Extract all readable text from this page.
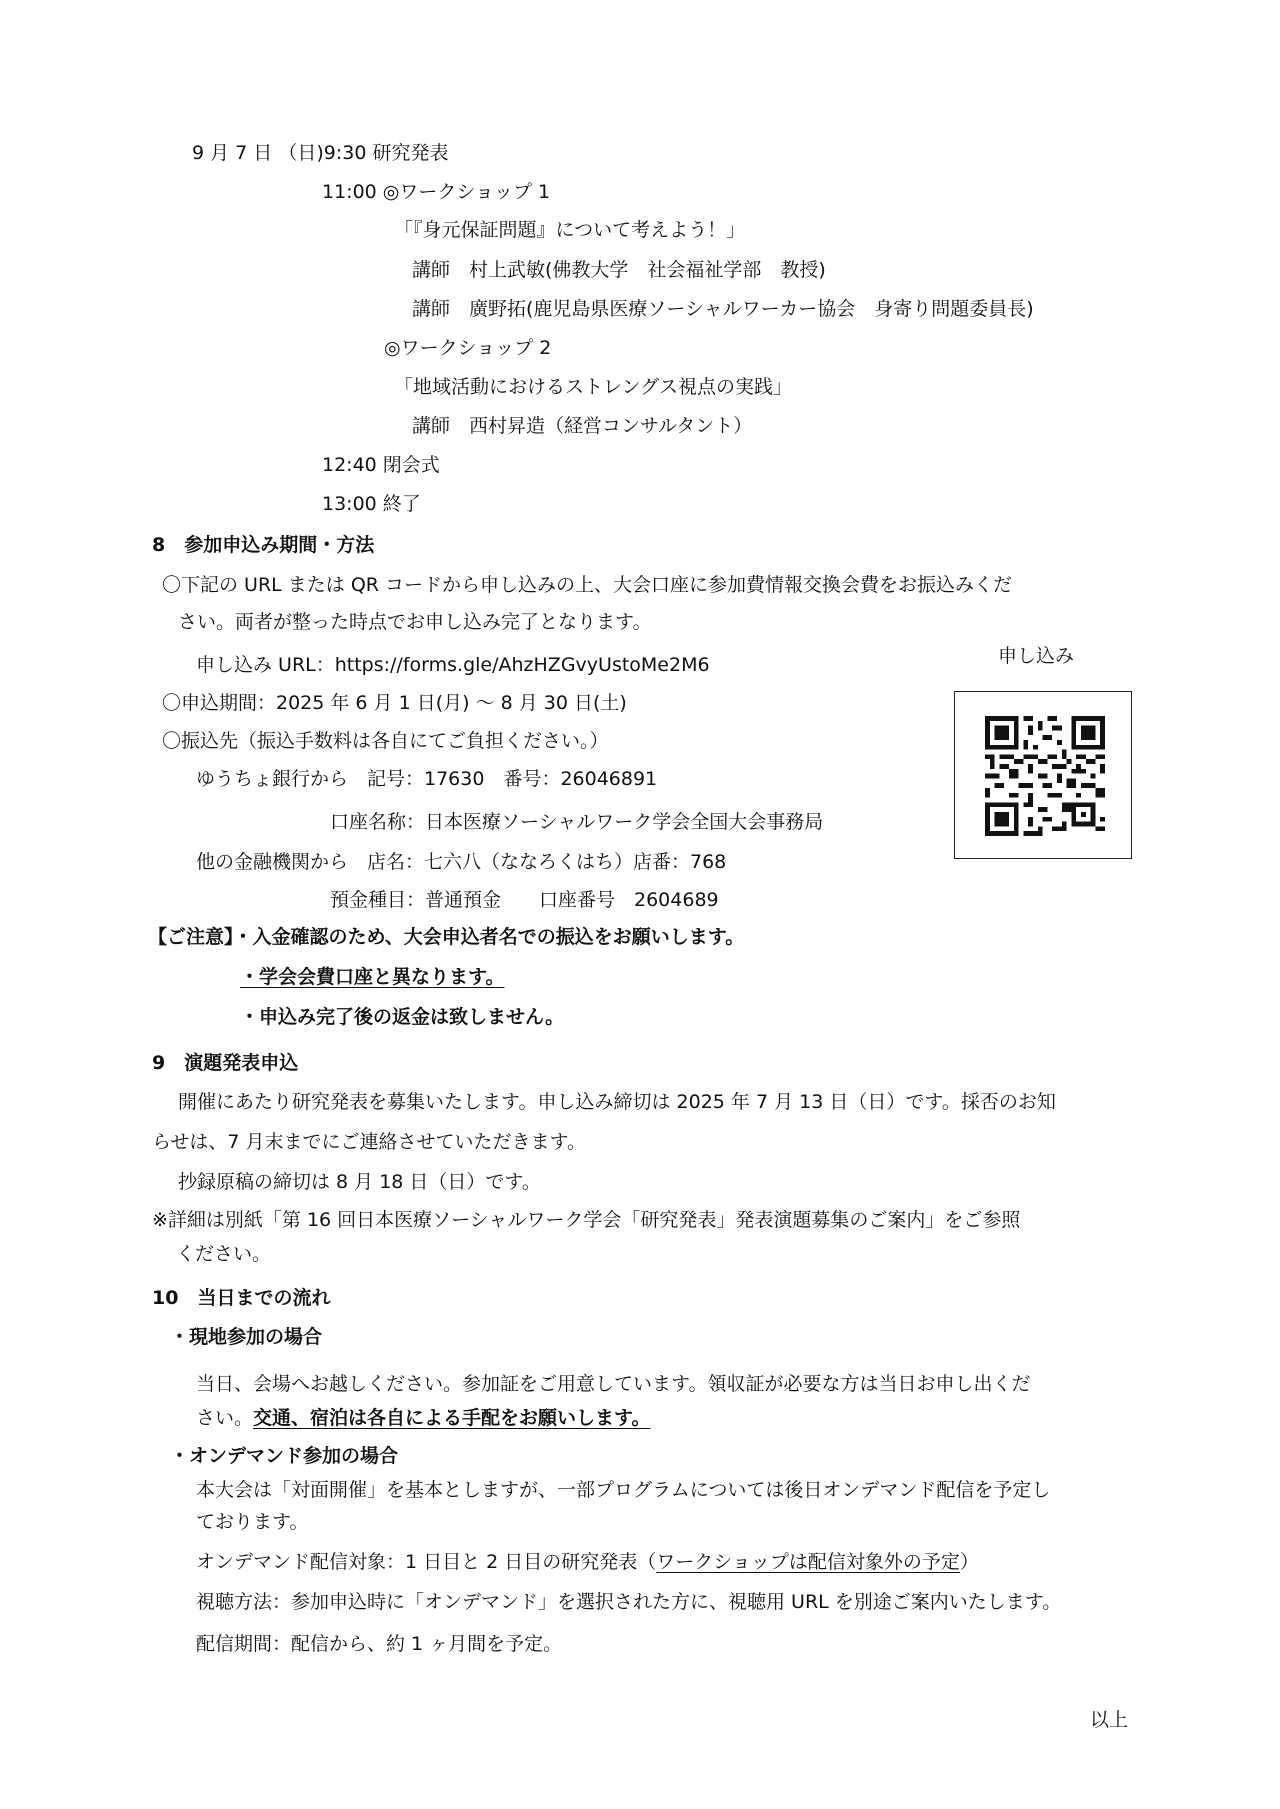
9 月 7 日 （日)9:30 研究発表
11:00 ◎ワークショップ 1
「『身元保証問題』について考えよう！」
講師　村上武敏(佛教大学　社会福祉学部　教授)
講師　廣野拓(鹿児島県医療ソーシャルワーカー協会　身寄り問題委員長)
◎ワークショップ 2
「地域活動におけるストレングス視点の実践」
講師　西村昇造（経営コンサルタント）
12:40 閉会式
13:00 終了
8　参加申込み期間・方法
〇下記の URL または QR コードから申し込みの上、大会口座に参加費情報交換会費をお振込みくだ
さい。両者が整った時点でお申し込み完了となります。
申し込み URL：https://forms.gle/AhzHZGvyUstoMe2M6	申し込み
〇申込期間：2025 年 6 月 1 日(月) ～ 8 月 30 日(土)
〇振込先（振込手数料は各自にてご負担ください。）
ゆうちょ銀行から　記号：17630　番号：26046891
口座名称：日本医療ソーシャルワーク学会全国大会事務局
他の金融機関から　店名：七六八（ななろくはち）店番：768
預金種目：普通預金　　口座番号　2604689
【ご注意】・入金確認のため、大会申込者名での振込をお願いします。
・学会会費口座と異なります。
・申込み完了後の返金は致しません。
9　演題発表申込
開催にあたり研究発表を募集いたします。申し込み締切は 2025 年 7 月 13 日（日）です。採否のお知
らせは、7 月末までにご連絡させていただきます。
抄録原稿の締切は 8 月 18 日（日）です。
※詳細は別紙「第 16 回日本医療ソーシャルワーク学会「研究発表」発表演題募集のご案内」をご参照
ください。
10　当日までの流れ
・現地参加の場合
当日、会場へお越しください。参加証をご用意しています。領収証が必要な方は当日お申し出くだ
さい。交通、宿泊は各自による手配をお願いします。
・オンデマンド参加の場合
本大会は「対面開催」を基本としますが、一部プログラムについては後日オンデマンド配信を予定し
ております。
オンデマンド配信対象：1 日目と 2 日目の研究発表（ワークショップは配信対象外の予定）
視聴方法：参加申込時に「オンデマンド」を選択された方に、視聴用 URL を別途ご案内いたします。
配信期間：配信から、約 1 ヶ月間を予定。
以上
